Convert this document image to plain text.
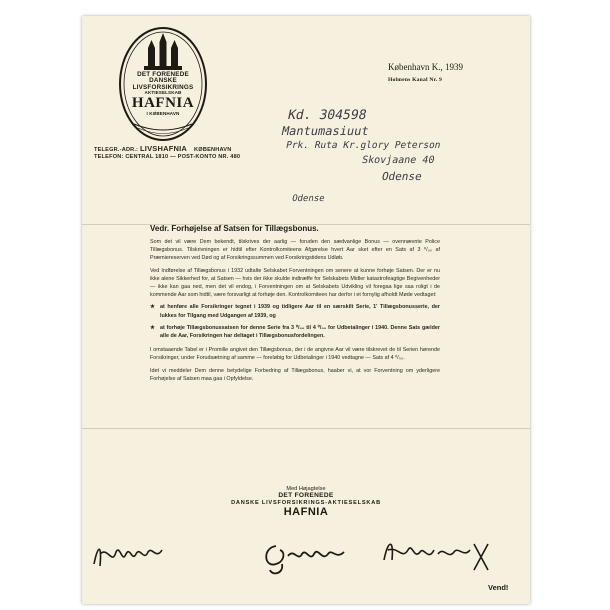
DET FORENEDE
DANSKE
LIVSFORSIKRINGS
AKTIESELSKAB
HAFNIA
I KØBENHAVN
TELEGR.-ADR.: LIVSHAFNIA KØBENHAVN
TELEFON: CENTRAL 1810 — POST-KONTO NR. 480
København K., 1939
Holmens Kanal Nr. 9
Kd. 304598
Mantumasiuut
Prk. Ruta Kr.glory Peterson
Skovjaane 40
Odense
Odense
Vedr. Forhøjelse af Satsen for Tillægsbonus.

Som det vil være Dem bekendt, tilskrives der aarlig — foruden den sædvanlige Bonus — ovennævnte Police Tillægsbonus. Tilskrivningen er hidtil efter Kontrolkomiteens Afgørelse hvert Aar sket efter en Sats af 3 ⁰/₀₀ af Præmiereserven ved Død og af Forsikringssummen ved Forsikringstidens Udløb.

Ved Indførelse af Tillægsbonus i 1932 udtalte Selskabet Forventningen om senere at kunne forhøje Satsen. Der er nu ikke alene Sikkerhed for, at Satsen — hvis der ikke skulde indtræffe for Selskabets Midler katastrofeagtige Begivenheder — ikke kan gaa ned, men det vil endog, i Forventningen om at Selskabets Udvikling vil foregaa lige saa roligt i de kommende Aar som hidtil, være forsvarligt at forhøje den. Kontrolkomiteen har derfor i et fornylig afholdt Møde vedtaget:

★ at henføre alle Forsikringer tegnet i 1939 og tidligere Aar til en særskilt Serie, 1' Tillægsbonusserie, der lukkes for Tilgang med Udgangen af 1939, og
★ at forhøje Tillægsbonussatsen for denne Serie fra 3 ⁰/₀₀ til 4 ⁰/₀₀ for Udbetalinger i 1940. Denne Sats gælder alle de Aar, Forsikringen har deltaget i Tillægsbonusfordelingen.

I omstaaende Tabel er i Promille angivet den Tillægsbonus, der i de angivne Aar vil være tilskrevet de til Serien hørende Forsikringer, under Forudsætning af samme — foreløbig for Udbetalinger i 1940 vedtagne — Sats af 4 ⁰/₀₀.

Idet vi meddeler Dem denne betydelige Forbedring af Tillægsbonus, haaber vi, at vor Forventning om yderligere Forhøjelse af Satsen maa gaa i Opfyldelse.

Med Højagtelse
DET FORENEDE
DANSKE LIVSFORSIKRINGS-AKTIESELSKAB
HAFNIA
Vend!
